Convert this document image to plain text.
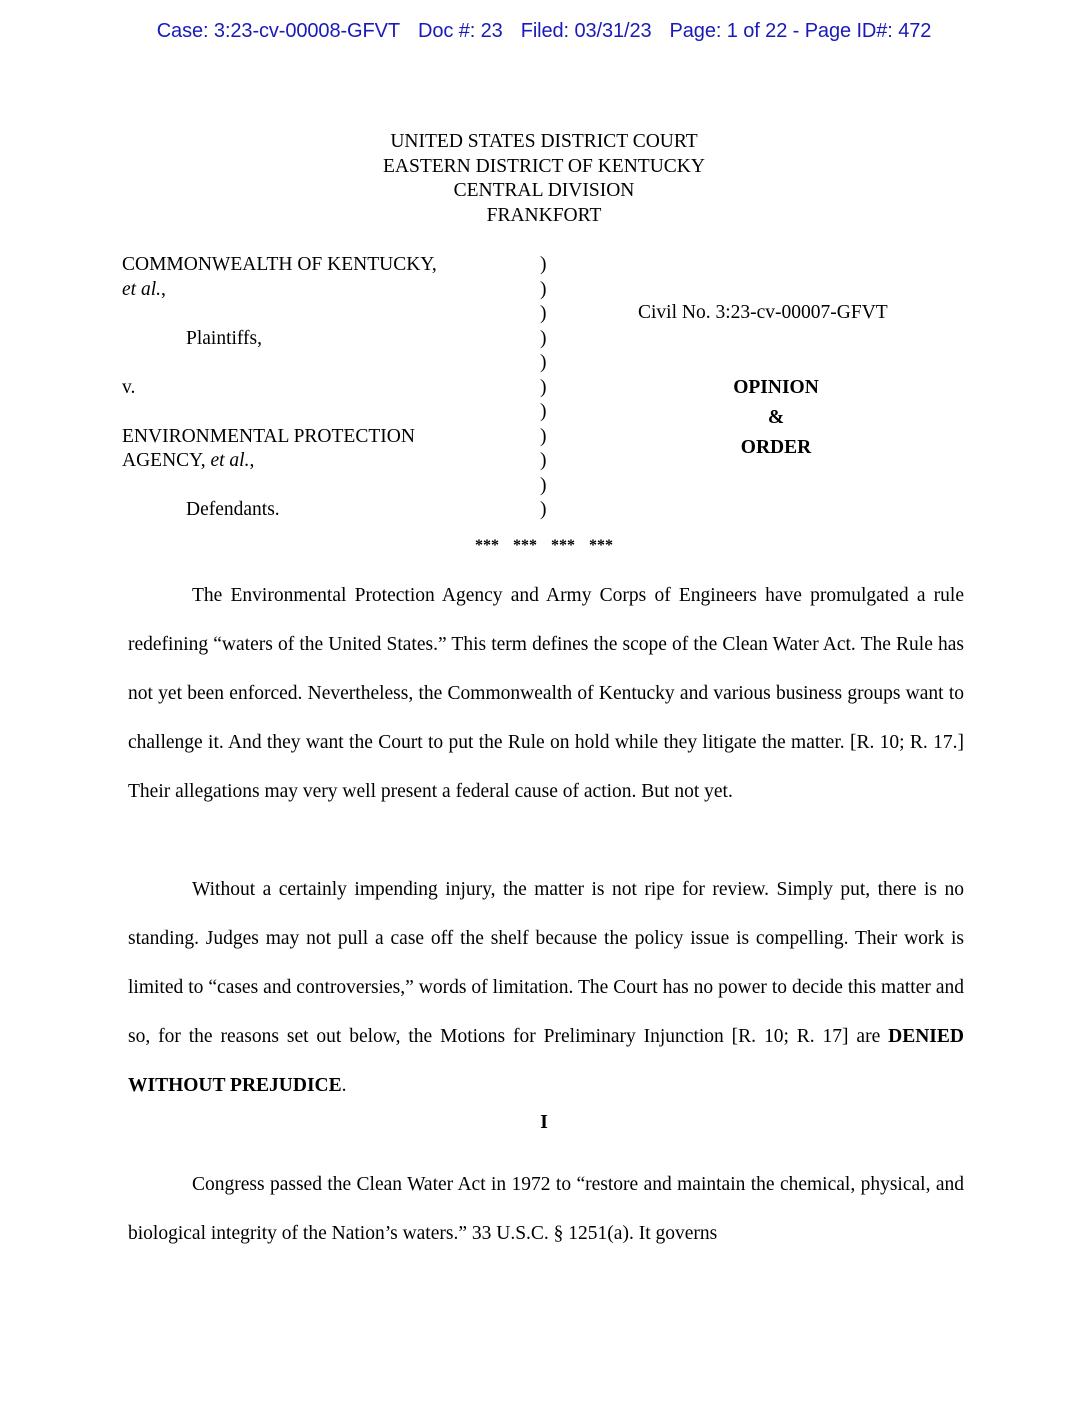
Case: 3:23-cv-00008-GFVT Doc #: 23 Filed: 03/31/23 Page: 1 of 22 - Page ID#: 472
UNITED STATES DISTRICT COURT
EASTERN DISTRICT OF KENTUCKY
CENTRAL DIVISION
FRANKFORT
COMMONWEALTH OF KENTUCKY,
et al.,
Plaintiffs,
v.
ENVIRONMENTAL PROTECTION
AGENCY, et al.,
Defendants.
)
)
)
)
)
)
)
)
)
)
)
Civil No. 3:23-cv-00007-GFVT
OPINION
&
ORDER
*** *** *** ***

The Environmental Protection Agency and Army Corps of Engineers have promulgated a rule redefining “waters of the United States.” This term defines the scope of the Clean Water Act. The Rule has not yet been enforced. Nevertheless, the Commonwealth of Kentucky and various business groups want to challenge it. And they want the Court to put the Rule on hold while they litigate the matter. [R. 10; R. 17.] Their allegations may very well present a federal cause of action. But not yet.

Without a certainly impending injury, the matter is not ripe for review. Simply put, there is no standing. Judges may not pull a case off the shelf because the policy issue is compelling. Their work is limited to “cases and controversies,” words of limitation. The Court has no power to decide this matter and so, for the reasons set out below, the Motions for Preliminary Injunction [R. 10; R. 17] are DENIED WITHOUT PREJUDICE.

I

Congress passed the Clean Water Act in 1972 to “restore and maintain the chemical, physical, and biological integrity of the Nation’s waters.” 33 U.S.C. § 1251(a). It governs
